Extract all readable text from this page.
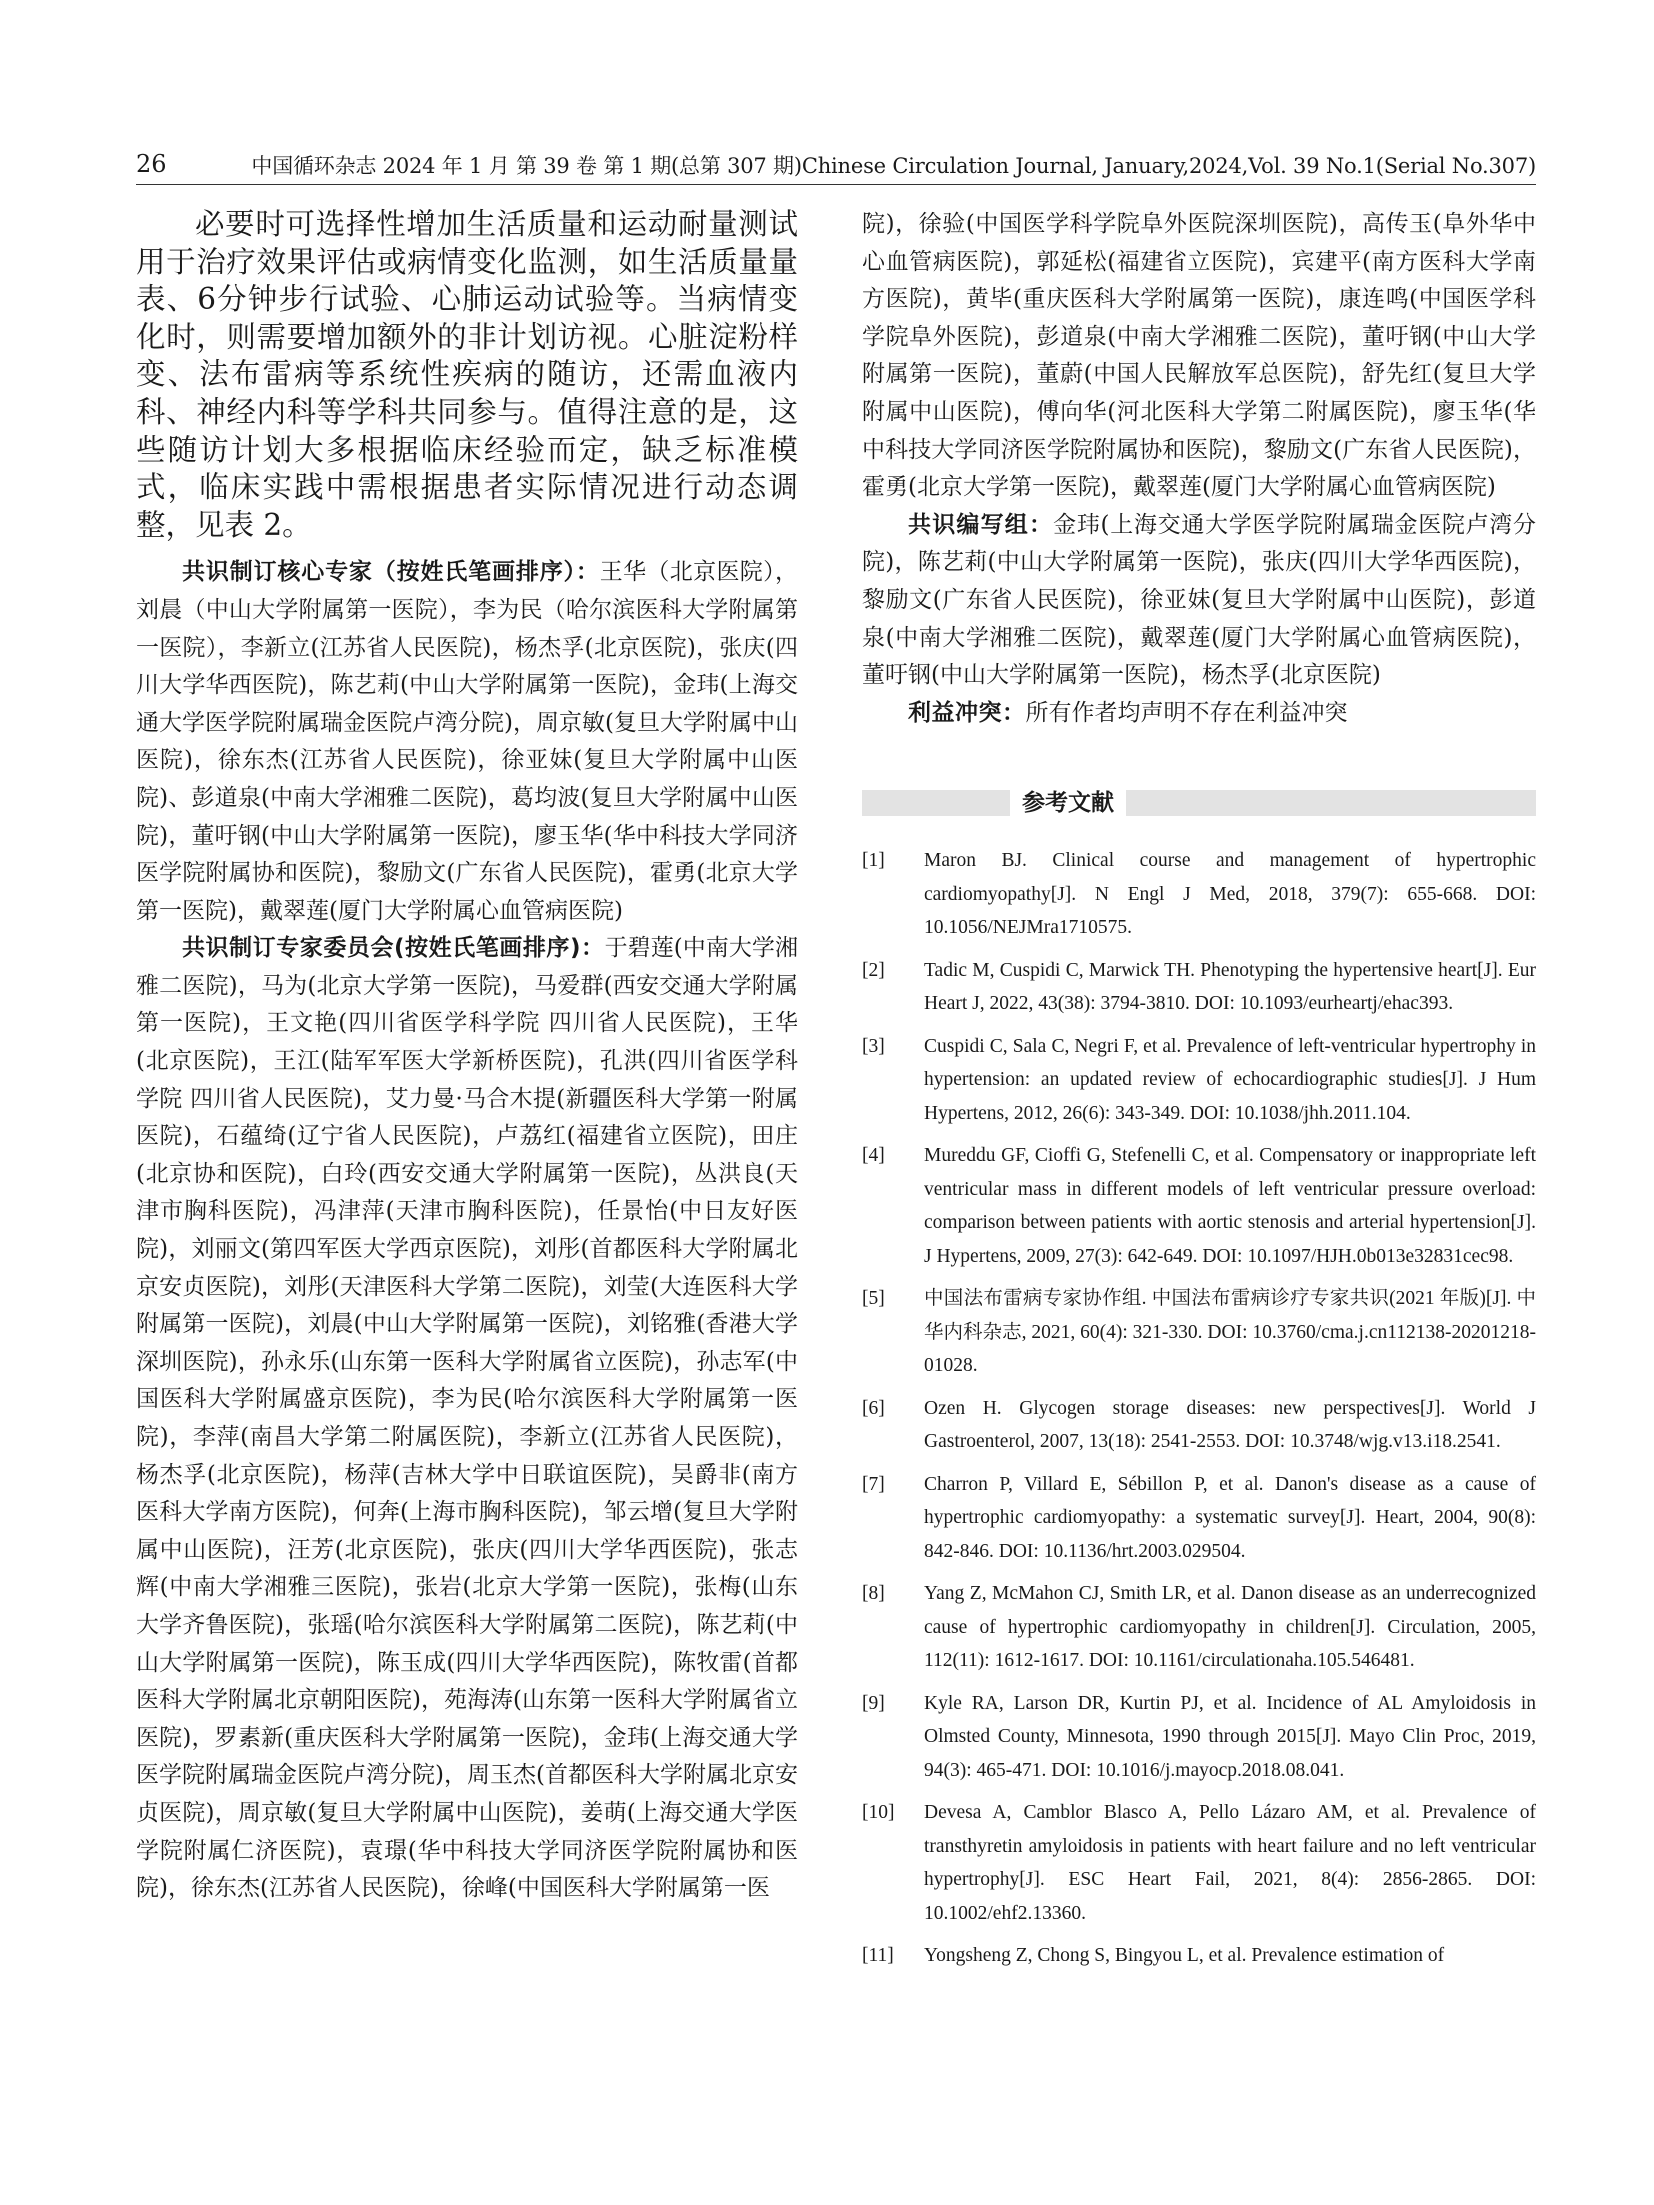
26	中国循环杂志 2024 年 1 月 第 39 卷 第 1 期(总第 307 期)Chinese Circulation Journal, January,2024,Vol. 39 No.1(Serial No.307)

必要时可选择性增加生活质量和运动耐量测试用于治疗效果评估或病情变化监测，如生活质量量表、6分钟步行试验、心肺运动试验等。当病情变化时，则需要增加额外的非计划访视。心脏淀粉样变、法布雷病等系统性疾病的随访，还需血液内科、神经内科等学科共同参与。值得注意的是，这些随访计划大多根据临床经验而定，缺乏标准模式，临床实践中需根据患者实际情况进行动态调整，见表 2。

共识制订核心专家（按姓氏笔画排序）：王华（北京医院），刘晨（中山大学附属第一医院），李为民（哈尔滨医科大学附属第一医院），李新立(江苏省人民医院)，杨杰孚(北京医院)，张庆(四川大学华西医院)，陈艺莉(中山大学附属第一医院)，金玮(上海交通大学医学院附属瑞金医院卢湾分院)，周京敏(复旦大学附属中山医院)，徐东杰(江苏省人民医院)，徐亚妹(复旦大学附属中山医院)、彭道泉(中南大学湘雅二医院)，葛均波(复旦大学附属中山医院)，董吁钢(中山大学附属第一医院)，廖玉华(华中科技大学同济医学院附属协和医院)，黎励文(广东省人民医院)，霍勇(北京大学第一医院)，戴翠莲(厦门大学附属心血管病医院)

共识制订专家委员会(按姓氏笔画排序)：于碧莲(中南大学湘雅二医院)，马为(北京大学第一医院)，马爱群(西安交通大学附属第一医院)，王文艳(四川省医学科学院 四川省人民医院)，王华(北京医院)，王江(陆军军医大学新桥医院)，孔洪(四川省医学科学院 四川省人民医院)，艾力曼·马合木提(新疆医科大学第一附属医院)，石蕴绮(辽宁省人民医院)，卢荔红(福建省立医院)，田庄(北京协和医院)，白玲(西安交通大学附属第一医院)，丛洪良(天津市胸科医院)，冯津萍(天津市胸科医院)，任景怡(中日友好医院)，刘丽文(第四军医大学西京医院)，刘彤(首都医科大学附属北京安贞医院)，刘彤(天津医科大学第二医院)，刘莹(大连医科大学附属第一医院)，刘晨(中山大学附属第一医院)，刘铭雅(香港大学深圳医院)，孙永乐(山东第一医科大学附属省立医院)，孙志军(中国医科大学附属盛京医院)，李为民(哈尔滨医科大学附属第一医院)，李萍(南昌大学第二附属医院)，李新立(江苏省人民医院)，杨杰孚(北京医院)，杨萍(吉林大学中日联谊医院)，吴爵非(南方医科大学南方医院)，何奔(上海市胸科医院)，邹云增(复旦大学附属中山医院)，汪芳(北京医院)，张庆(四川大学华西医院)，张志辉(中南大学湘雅三医院)，张岩(北京大学第一医院)，张梅(山东大学齐鲁医院)，张瑶(哈尔滨医科大学附属第二医院)，陈艺莉(中山大学附属第一医院)，陈玉成(四川大学华西医院)，陈牧雷(首都医科大学附属北京朝阳医院)，苑海涛(山东第一医科大学附属省立医院)，罗素新(重庆医科大学附属第一医院)，金玮(上海交通大学医学院附属瑞金医院卢湾分院)，周玉杰(首都医科大学附属北京安贞医院)，周京敏(复旦大学附属中山医院)，姜萌(上海交通大学医学院附属仁济医院)，袁璟(华中科技大学同济医学院附属协和医院)，徐东杰(江苏省人民医院)，徐峰(中国医科大学附属第一医

院)，徐验(中国医学科学院阜外医院深圳医院)，高传玉(阜外华中心血管病医院)，郭延松(福建省立医院)，宾建平(南方医科大学南方医院)，黄毕(重庆医科大学附属第一医院)，康连鸣(中国医学科学院阜外医院)，彭道泉(中南大学湘雅二医院)，董吁钢(中山大学附属第一医院)，董蔚(中国人民解放军总医院)，舒先红(复旦大学附属中山医院)，傅向华(河北医科大学第二附属医院)，廖玉华(华中科技大学同济医学院附属协和医院)，黎励文(广东省人民医院)，霍勇(北京大学第一医院)，戴翠莲(厦门大学附属心血管病医院)

共识编写组：金玮(上海交通大学医学院附属瑞金医院卢湾分院)，陈艺莉(中山大学附属第一医院)，张庆(四川大学华西医院)，黎励文(广东省人民医院)，徐亚妹(复旦大学附属中山医院)，彭道泉(中南大学湘雅二医院)，戴翠莲(厦门大学附属心血管病医院)，董吁钢(中山大学附属第一医院)，杨杰孚(北京医院)

利益冲突：所有作者均声明不存在利益冲突

参考文献
[1]	Maron BJ. Clinical course and management of hypertrophic cardiomyopathy[J]. N Engl J Med, 2018, 379(7): 655-668. DOI: 10.1056/NEJMra1710575.
[2]	Tadic M, Cuspidi C, Marwick TH. Phenotyping the hypertensive heart[J]. Eur Heart J, 2022, 43(38): 3794-3810. DOI: 10.1093/eurheartj/ehac393.
[3]	Cuspidi C, Sala C, Negri F, et al. Prevalence of left-ventricular hypertrophy in hypertension: an updated review of echocardiographic studies[J]. J Hum Hypertens, 2012, 26(6): 343-349. DOI: 10.1038/jhh.2011.104.
[4]	Mureddu GF, Cioffi G, Stefenelli C, et al. Compensatory or inappropriate left ventricular mass in different models of left ventricular pressure overload: comparison between patients with aortic stenosis and arterial hypertension[J]. J Hypertens, 2009, 27(3): 642-649. DOI: 10.1097/HJH.0b013e32831cec98.
[5]	中国法布雷病专家协作组. 中国法布雷病诊疗专家共识(2021 年版)[J]. 中华内科杂志, 2021, 60(4): 321-330. DOI: 10.3760/cma.j.cn112138-20201218-01028.
[6]	Ozen H. Glycogen storage diseases: new perspectives[J]. World J Gastroenterol, 2007, 13(18): 2541-2553. DOI: 10.3748/wjg.v13.i18.2541.
[7]	Charron P, Villard E, Sébillon P, et al. Danon's disease as a cause of hypertrophic cardiomyopathy: a systematic survey[J]. Heart, 2004, 90(8): 842-846. DOI: 10.1136/hrt.2003.029504.
[8]	Yang Z, McMahon CJ, Smith LR, et al. Danon disease as an underrecognized cause of hypertrophic cardiomyopathy in children[J]. Circulation, 2005, 112(11): 1612-1617. DOI: 10.1161/circulationaha.105.546481.
[9]	Kyle RA, Larson DR, Kurtin PJ, et al. Incidence of AL Amyloidosis in Olmsted County, Minnesota, 1990 through 2015[J]. Mayo Clin Proc, 2019, 94(3): 465-471. DOI: 10.1016/j.mayocp.2018.08.041.
[10]	Devesa A, Camblor Blasco A, Pello Lázaro AM, et al. Prevalence of transthyretin amyloidosis in patients with heart failure and no left ventricular hypertrophy[J]. ESC Heart Fail, 2021, 8(4): 2856-2865. DOI: 10.1002/ehf2.13360.
[11]	Yongsheng Z, Chong S, Bingyou L, et al. Prevalence estimation of
